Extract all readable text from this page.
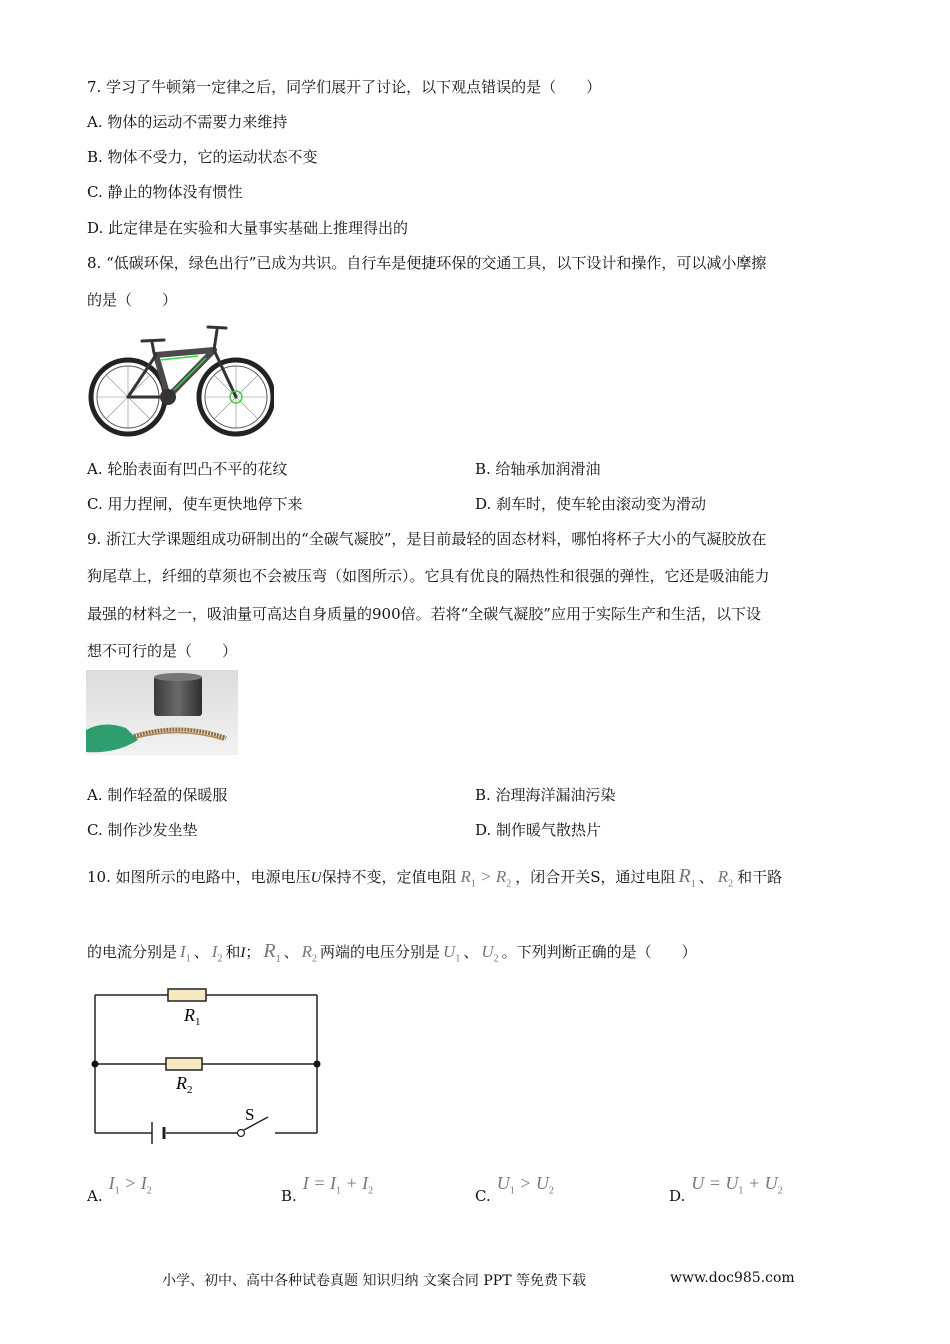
7. 学习了牛顿第一定律之后，同学们展开了讨论，以下观点错误的是（　　）
A. 物体的运动不需要力来维持
B. 物体不受力，它的运动状态不变
C. 静止的物体没有惯性
D. 此定律是在实验和大量事实基础上推理得出的
8. “低碳环保，绿色出行”已成为共识。自行车是便捷环保的交通工具，以下设计和操作，可以减小摩擦
的是（　　）
A. 轮胎表面有凹凸不平的花纹	B. 给轴承加润滑油
C. 用力捏闸，使车更快地停下来	D. 刹车时，使车轮由滚动变为滑动
9. 浙江大学课题组成功研制出的“全碳气凝胶”，是目前最轻的固态材料，哪怕将杯子大小的气凝胶放在
狗尾草上，纤细的草须也不会被压弯（如图所示）。它具有优良的隔热性和很强的弹性，它还是吸油能力
最强的材料之一，吸油量可高达自身质量的900倍。若将“全碳气凝胶”应用于实际生产和生活，以下设
想不可行的是（　　）
A. 制作轻盈的保暖服	B. 治理海洋漏油污染
C. 制作沙发坐垫	D. 制作暖气散热片
10. 如图所示的电路中，电源电压U保持不变，定值电阻 $R_1 > R_2$ ，闭合开关S，通过电阻 $R_1$ 、 $R_2$ 和干路
的电流分别是 $I_1$ 、 $I_2$ 和I； $R_1$ 、 $R_2$ 两端的电压分别是 $U_1$ 、 $U_2$ 。下列判断正确的是（　　）
$R_1$
$R_2$
S
$A.I_1 > I_2$	$B.I = I_1 + I_2$	$C.U_1 > U_2$	$D.U = U_1 + U_2$
小学、初中、高中各种试卷真题 知识归纳 文案合同 PPT 等免费下载	www.doc985.com
